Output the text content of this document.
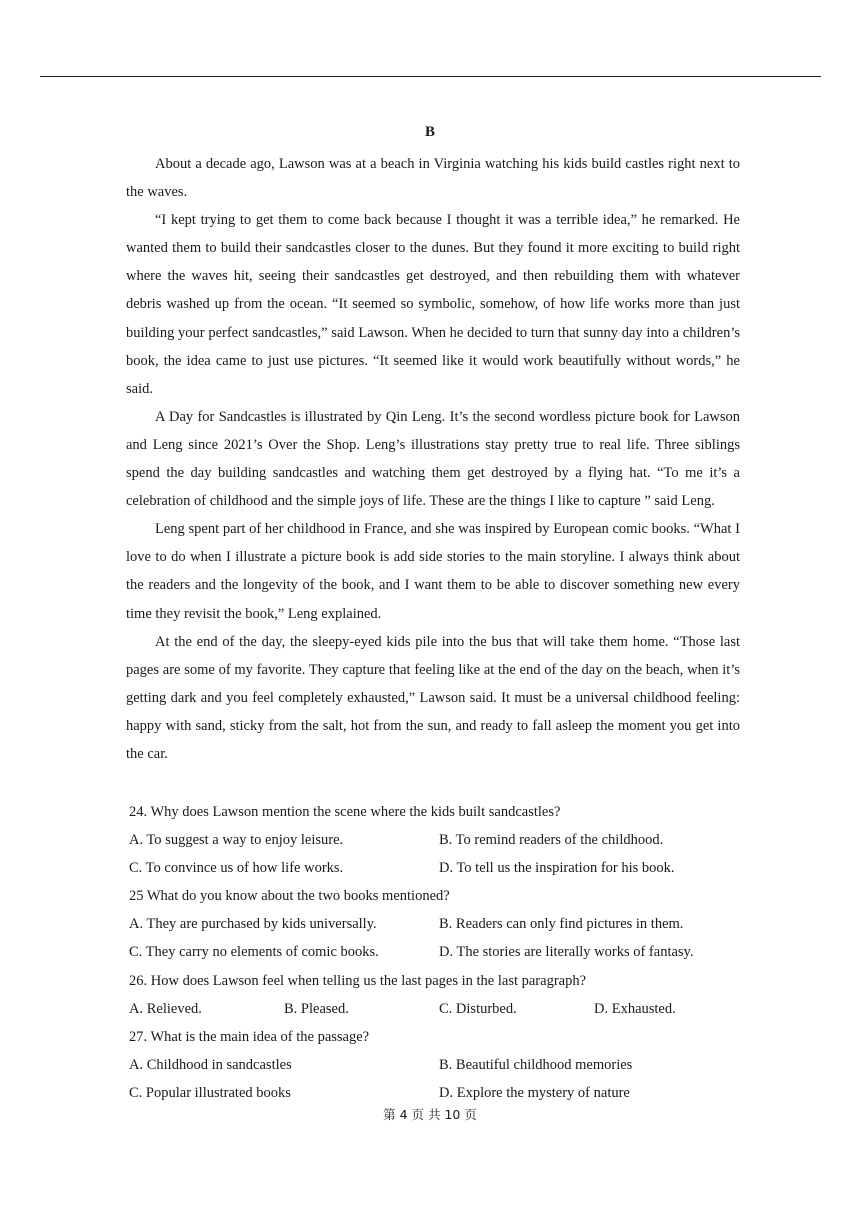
B

About a decade ago, Lawson was at a beach in Virginia watching his kids build castles right next to the waves.

“I kept trying to get them to come back because I thought it was a terrible idea,” he remarked. He wanted them to build their sandcastles closer to the dunes. But they found it more exciting to build right where the waves hit, seeing their sandcastles get destroyed, and then rebuilding them with whatever debris washed up from the ocean. “It seemed so symbolic, somehow, of how life works more than just building your perfect sandcastles,” said Lawson. When he decided to turn that sunny day into a children’s book, the idea came to just use pictures. “It seemed like it would work beautifully without words,” he said.

A Day for Sandcastles is illustrated by Qin Leng. It’s the second wordless picture book for Lawson and Leng since 2021’s Over the Shop. Leng’s illustrations stay pretty true to real life. Three siblings spend the day building sandcastles and watching them get destroyed by a flying hat. “To me it’s a celebration of childhood and the simple joys of life. These are the things I like to capture ” said Leng.

Leng spent part of her childhood in France, and she was inspired by European comic books. “What I love to do when I illustrate a picture book is add side stories to the main storyline. I always think about the readers and the longevity of the book, and I want them to be able to discover something new every time they revisit the book,” Leng explained.

At the end of the day, the sleepy-eyed kids pile into the bus that will take them home. “Those last pages are some of my favorite. They capture that feeling like at the end of the day on the beach, when it’s getting dark and you feel completely exhausted,” Lawson said. It must be a universal childhood feeling: happy with sand, sticky from the salt, hot from the sun, and ready to fall asleep the moment you get into the car.

24. Why does Lawson mention the scene where the kids built sandcastles?

A. To suggest a way to enjoy leisure.	B. To remind readers of the childhood.
C. To convince us of how life works.	D. To tell us the inspiration for his book.

25 What do you know about the two books mentioned?

A. They are purchased by kids universally.	B. Readers can only find pictures in them.
C. They carry no elements of comic books.	D. The stories are literally works of fantasy.

26. How does Lawson feel when telling us the last pages in the last paragraph?

A. Relieved.	B. Pleased.	C. Disturbed.	D. Exhausted.

27. What is the main idea of the passage?

A. Childhood in sandcastles	B. Beautiful childhood memories
C. Popular illustrated books	D. Explore the mystery of nature
第 4 页 共 10 页
